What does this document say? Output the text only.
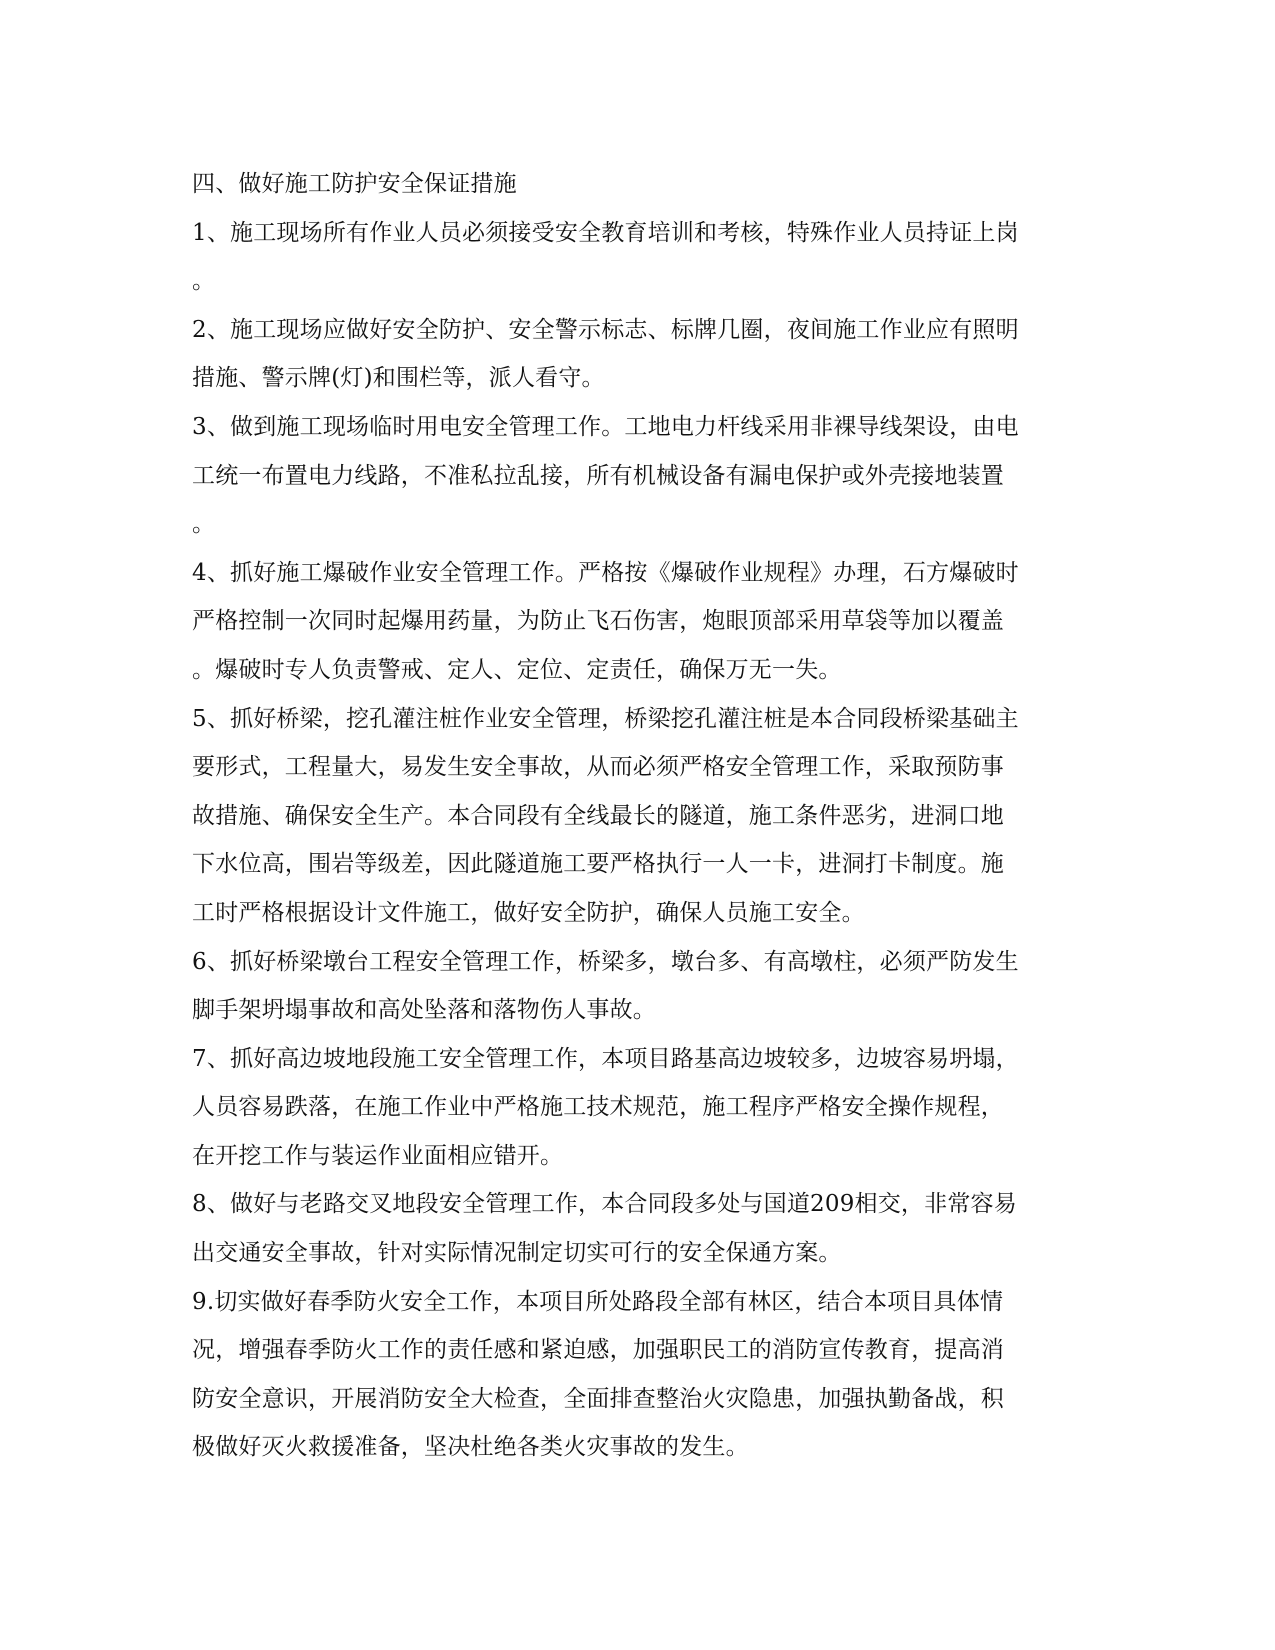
四、做好施工防护安全保证措施
1、施工现场所有作业人员必须接受安全教育培训和考核，特殊作业人员持证上岗
。
2、施工现场应做好安全防护、安全警示标志、标牌几圈，夜间施工作业应有照明
措施、警示牌(灯)和围栏等，派人看守。
3、做到施工现场临时用电安全管理工作。工地电力杆线采用非裸导线架设，由电
工统一布置电力线路，不准私拉乱接，所有机械设备有漏电保护或外壳接地装置
。
4、抓好施工爆破作业安全管理工作。严格按《爆破作业规程》办理，石方爆破时
严格控制一次同时起爆用药量，为防止飞石伤害，炮眼顶部采用草袋等加以覆盖
。爆破时专人负责警戒、定人、定位、定责任，确保万无一失。
5、抓好桥梁，挖孔灌注桩作业安全管理，桥梁挖孔灌注桩是本合同段桥梁基础主
要形式，工程量大，易发生安全事故，从而必须严格安全管理工作，采取预防事
故措施、确保安全生产。本合同段有全线最长的隧道，施工条件恶劣，进洞口地
下水位高，围岩等级差，因此隧道施工要严格执行一人一卡，进洞打卡制度。施
工时严格根据设计文件施工，做好安全防护，确保人员施工安全。
6、抓好桥梁墩台工程安全管理工作，桥梁多，墩台多、有高墩柱，必须严防发生
脚手架坍塌事故和高处坠落和落物伤人事故。
7、抓好高边坡地段施工安全管理工作，本项目路基高边坡较多，边坡容易坍塌，
人员容易跌落，在施工作业中严格施工技术规范，施工程序严格安全操作规程，
在开挖工作与装运作业面相应错开。
8、做好与老路交叉地段安全管理工作，本合同段多处与国道209相交，非常容易
出交通安全事故，针对实际情况制定切实可行的安全保通方案。
9.切实做好春季防火安全工作，本项目所处路段全部有林区，结合本项目具体情
况，增强春季防火工作的责任感和紧迫感，加强职民工的消防宣传教育，提高消
防安全意识，开展消防安全大检查，全面排查整治火灾隐患，加强执勤备战，积
极做好灭火救援准备，坚决杜绝各类火灾事故的发生。
